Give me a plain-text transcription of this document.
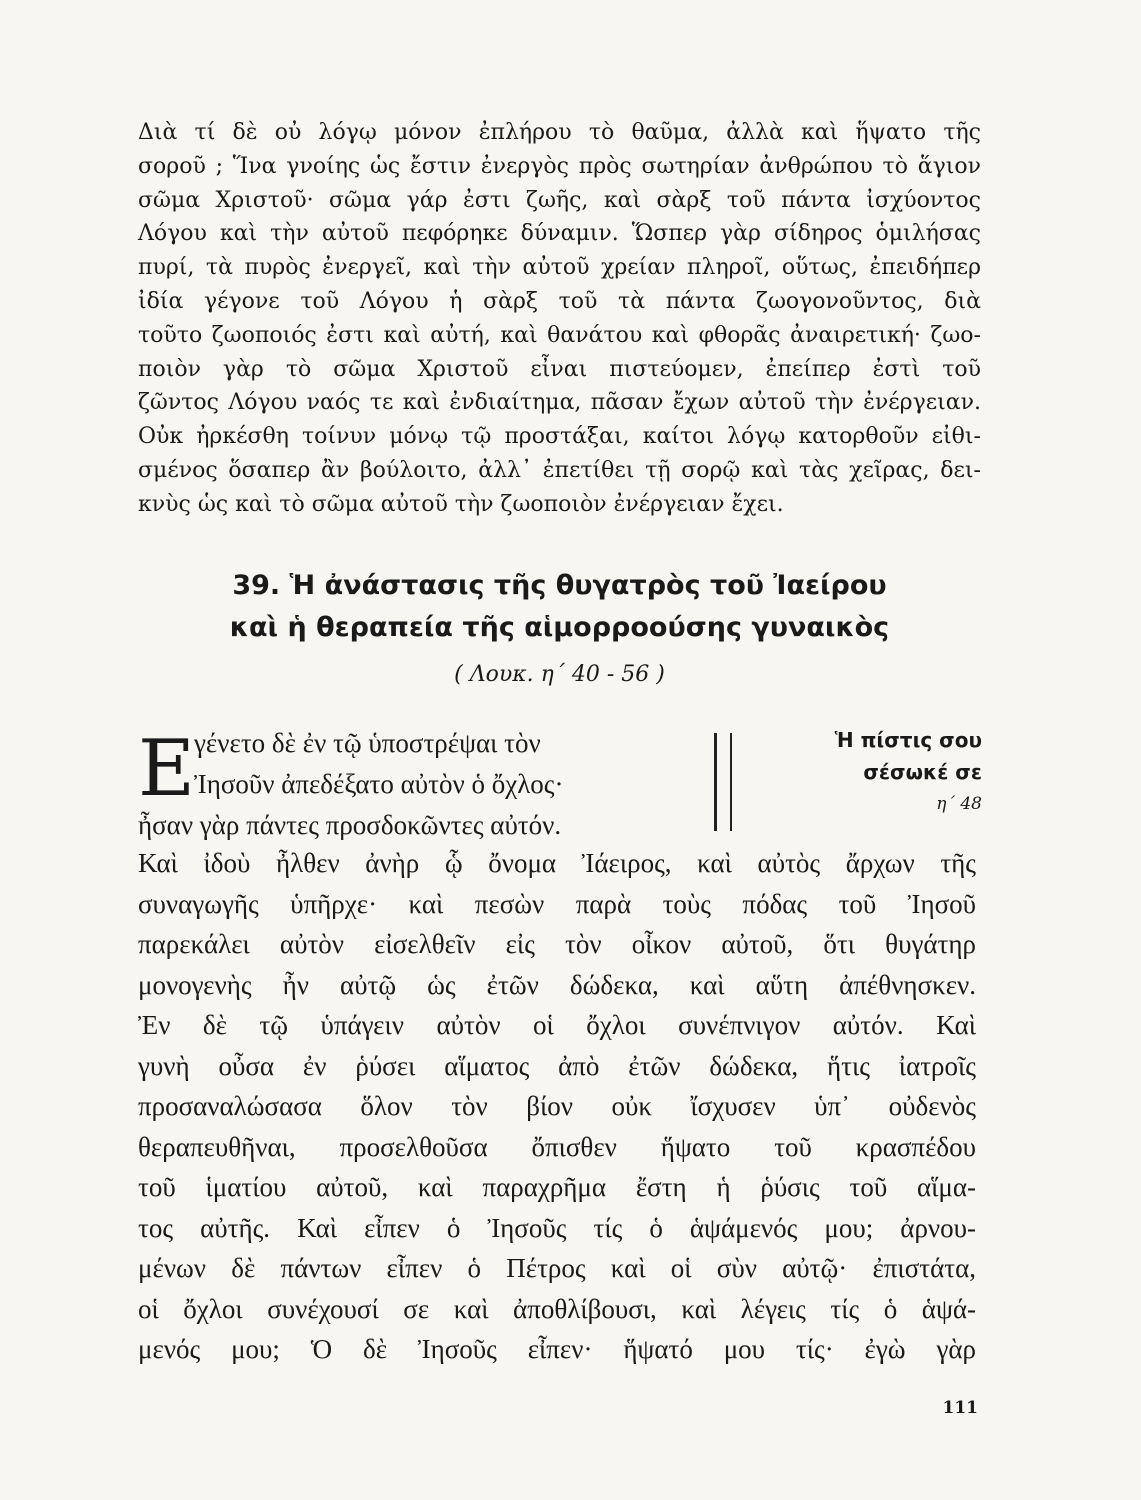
Διὰ τί δὲ οὐ λόγῳ μόνον ἐπλήρου τὸ θαῦμα, ἀλλὰ καὶ ἥψατο τῆς
σοροῦ ; Ἵνα γνοίης ὡς ἔστιν ἐνεργὸς πρὸς σωτηρίαν ἀνθρώπου τὸ ἅγιον
σῶμα Χριστοῦ· σῶμα γάρ ἐστι ζωῆς, καὶ σὰρξ τοῦ πάντα ἰσχύοντος
Λόγου καὶ τὴν αὐτοῦ πεφόρηκε δύναμιν. Ὥσπερ γὰρ σίδηρος ὁμιλήσας
πυρί, τὰ πυρὸς ἐνεργεῖ, καὶ τὴν αὐτοῦ χρείαν πληροῖ, οὕτως, ἐπειδήπερ
ἰδία γέγονε τοῦ Λόγου ἡ σὰρξ τοῦ τὰ πάντα ζωογονοῦντος, διὰ
τοῦτο ζωοποιός ἐστι καὶ αὐτή, καὶ θανάτου καὶ φθορᾶς ἀναιρετική· ζωο-
ποιὸν γὰρ τὸ σῶμα Χριστοῦ εἶναι πιστεύομεν, ἐπείπερ ἐστὶ τοῦ
ζῶντος Λόγου ναός τε καὶ ἐνδιαίτημα, πᾶσαν ἔχων αὐτοῦ τὴν ἐνέργειαν.
Οὐκ ἠρκέσθη τοίνυν μόνῳ τῷ προστάξαι, καίτοι λόγῳ κατορθοῦν εἰθι-
σμένος ὅσαπερ ἂν βούλοιτο, ἀλλ᾽ ἐπετίθει τῇ σορῷ καὶ τὰς χεῖρας, δει-
κνὺς ὡς καὶ τὸ σῶμα αὐτοῦ τὴν ζωοποιὸν ἐνέργειαν ἔχει.
39. Ἡ ἀνάστασις τῆς θυγατρὸς τοῦ Ἰαείρου
καὶ ἡ θεραπεία τῆς αἱμορροούσης γυναικὸς

( Λουκ. η΄ 40 - 56 )

Ε γένετο δὲ ἐν τῷ ὑποστρέψαι τὸν
Ἰησοῦν ἀπεδέξατο αὐτὸν ὁ ὄχλος·
ἦσαν γὰρ πάντες προσδοκῶντες αὐτόν.
Ἡ πίστις σου
σέσωκέ σε
η΄ 48
Καὶ ἰδοὺ ἦλθεν ἀνὴρ ᾧ ὄνομα Ἰάειρος, καὶ αὐτὸς ἄρχων τῆς
συναγωγῆς ὑπῆρχε· καὶ πεσὼν παρὰ τοὺς πόδας τοῦ Ἰησοῦ
παρεκάλει αὐτὸν εἰσελθεῖν εἰς τὸν οἶκον αὐτοῦ, ὅτι θυγάτηρ
μονογενὴς ἦν αὐτῷ ὡς ἐτῶν δώδεκα, καὶ αὕτη ἀπέθνησκεν.
Ἐν δὲ τῷ ὑπάγειν αὐτὸν οἱ ὄχλοι συνέπνιγον αὐτόν. Καὶ
γυνὴ οὖσα ἐν ῥύσει αἵματος ἀπὸ ἐτῶν δώδεκα, ἥτις ἰατροῖς
προσαναλώσασα ὅλον τὸν βίον οὐκ ἴσχυσεν ὑπ᾽ οὐδενὸς
θεραπευθῆναι, προσελθοῦσα ὄπισθεν ἥψατο τοῦ κρασπέδου
τοῦ ἱματίου αὐτοῦ, καὶ παραχρῆμα ἔστη ἡ ῥύσις τοῦ αἵμα-
τος αὐτῆς. Καὶ εἶπεν ὁ Ἰησοῦς τίς ὁ ἁψάμενός μου; ἀρνου-
μένων δὲ πάντων εἶπεν ὁ Πέτρος καὶ οἱ σὺν αὐτῷ· ἐπιστάτα,
οἱ ὄχλοι συνέχουσί σε καὶ ἀποθλίβουσι, καὶ λέγεις τίς ὁ ἁψά-
μενός μου; Ὁ δὲ Ἰησοῦς εἶπεν· ἥψατό μου τίς· ἐγὼ γὰρ
111
